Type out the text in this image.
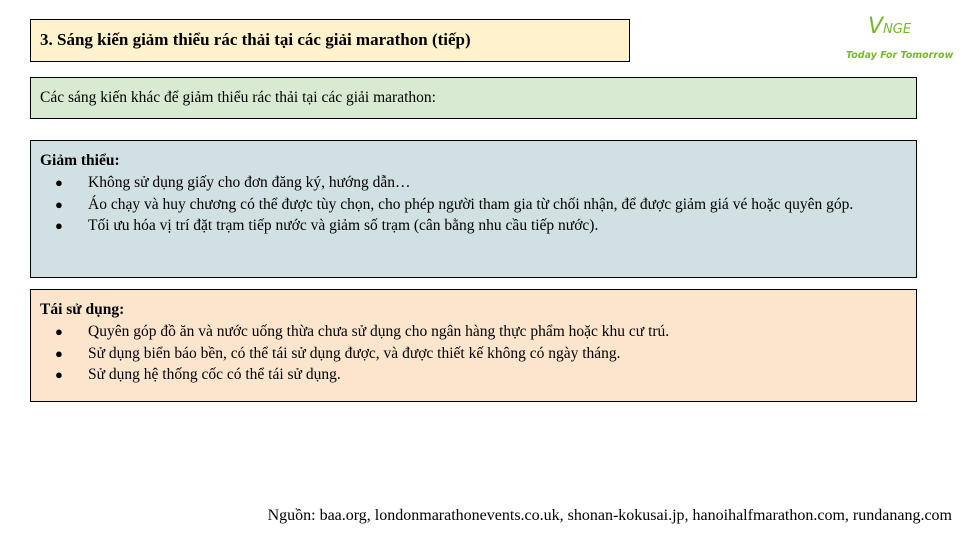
3. Sáng kiến giảm thiểu rác thải tại các giải marathon (tiếp)
VNGE
Today For Tomorrow
Các sáng kiến khác để giảm thiểu rác thải tại các giải marathon:
Giảm thiểu:
● Không sử dụng giấy cho đơn đăng ký, hướng dẫn…
● Áo chạy và huy chương có thể được tùy chọn, cho phép người tham gia từ chối nhận, để được giảm giá vé hoặc quyên góp.
● Tối ưu hóa vị trí đặt trạm tiếp nước và giảm số trạm (cân bằng nhu cầu tiếp nước).
Tái sử dụng:
● Quyên góp đồ ăn và nước uống thừa chưa sử dụng cho ngân hàng thực phẩm hoặc khu cư trú.
● Sử dụng biển báo bền, có thể tái sử dụng được, và được thiết kế không có ngày tháng.
● Sử dụng hệ thống cốc có thể tái sử dụng.
Nguồn: baa.org, londonmarathonevents.co.uk, shonan-kokusai.jp, hanoihalfmarathon.com, rundanang.com
